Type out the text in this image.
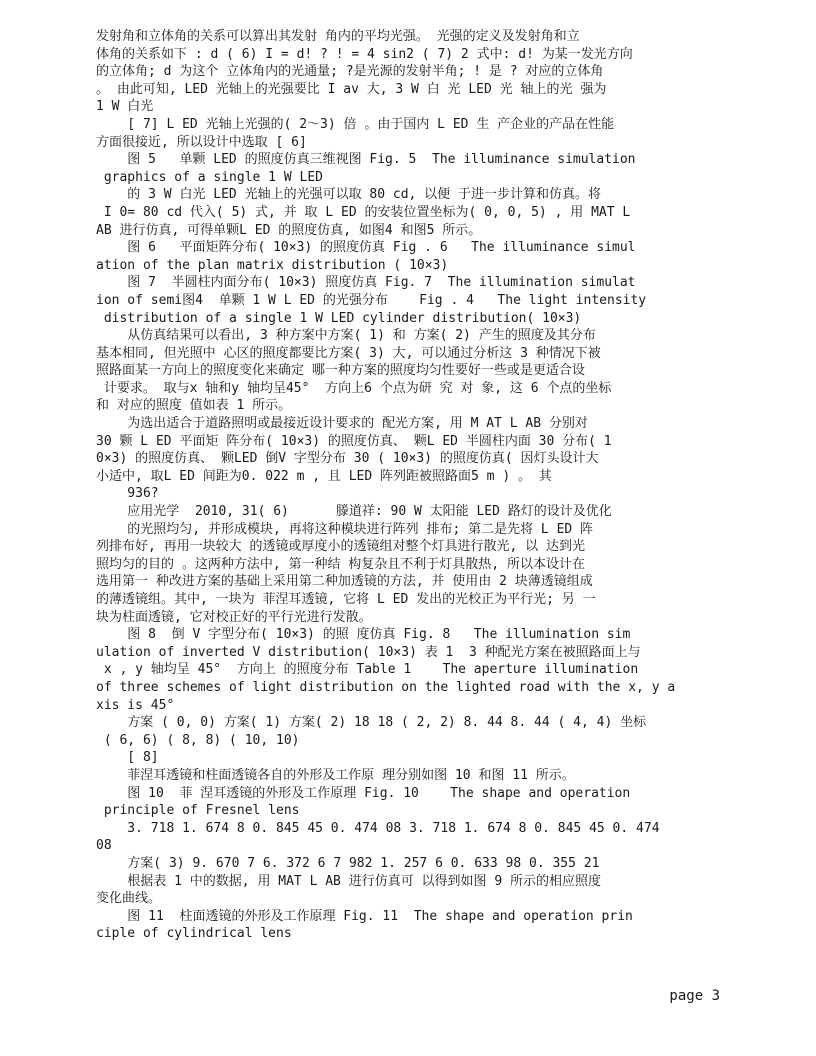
发射角和立体角的关系可以算出其发射 角内的平均光强。 光强的定义及发射角和立
体角的关系如下 : d ( 6) I = d! ? ! = 4 sin2 ( 7) 2 式中: d! 为某一发光方向
的立体角; d 为这个 立体角内的光通量; ?是光源的发射半角; ! 是 ? 对应的立体角
。 由此可知, LED 光轴上的光强要比 I av 大, 3 W 白 光 LED 光 轴上的光 强为
1 W 白光
[ 7] L ED 光轴上光强的( 2～3) 倍 。由于国内 L ED 生 产企业的产品在性能
方面很接近, 所以设计中选取 [ 6]
图 5   单颗 LED 的照度仿真三维视图 Fig. 5  The illuminance simulation
graphics of a single 1 W LED
的 3 W 白光 LED 光轴上的光强可以取 80 cd, 以便 于进一步计算和仿真。将
I 0= 80 cd 代入( 5) 式, 并 取 L ED 的安装位置坐标为( 0, 0, 5) , 用 MAT L
AB 进行仿真, 可得单颗L ED 的照度仿真, 如图4 和图5 所示。
图 6   平面矩阵分布( 10×3) 的照度仿真 Fig . 6   The illuminance simul
ation of the plan matrix distribution ( 10×3)
图 7  半圆柱内面分布( 10×3) 照度仿真 Fig. 7  The illumination simulat
ion of semi图4  单颗 1 W L ED 的光强分布    Fig . 4   The light intensity
distribution of a single 1 W LED cylinder distribution( 10×3)
从仿真结果可以看出, 3 种方案中方案( 1) 和 方案( 2) 产生的照度及其分布
基本相同, 但光照中 心区的照度都要比方案( 3) 大, 可以通过分析这 3 种情况下被
照路面某一方向上的照度变化来确定 哪一种方案的照度均匀性要好一些或是更适合设
计要求。 取与x 轴和y 轴均呈45°  方向上6 个点为研 究 对 象, 这 6 个点的坐标
和 对应的照度 值如表 1 所示。
为选出适合于道路照明或最接近设计要求的 配光方案, 用 M AT L AB 分别对
30 颗 L ED 平面矩 阵分布( 10×3) 的照度仿真、 颗L ED 半圆柱内面 30 分布( 1
0×3) 的照度仿真、 颗LED 倒V 字型分布 30 ( 10×3) 的照度仿真( 因灯头设计大
小适中, 取L ED 间距为0. 022 m , 且 LED 阵列距被照路面5 m ) 。 其
936?
应用光学  2010, 31( 6)      滕道祥: 90 W 太阳能 LED 路灯的设计及优化
的光照均匀, 并形成模块, 再将这种模块进行阵列 排布; 第二是先将 L ED 阵
列排布好, 再用一块较大 的透镜或厚度小的透镜组对整个灯具进行散光, 以 达到光
照均匀的目的 。这两种方法中, 第一种结 构复杂且不利于灯具散热, 所以本设计在
选用第一 种改进方案的基础上采用第二种加透镜的方法, 并 使用由 2 块薄透镜组成
的薄透镜组。其中, 一块为 菲涅耳透镜, 它将 L ED 发出的光校正为平行光; 另 一
块为柱面透镜, 它对校正好的平行光进行发散。
图 8  倒 V 字型分布( 10×3) 的照 度仿真 Fig. 8   The illumination sim
ulation of inverted V distribution( 10×3) 表 1  3 种配光方案在被照路面上与
x , y 轴均呈 45°  方向上 的照度分布 Table 1    The aperture illumination
of three schemes of light distribution on the lighted road with the x, y a
xis is 45°
方案 ( 0, 0) 方案( 1) 方案( 2) 18 18 ( 2, 2) 8. 44 8. 44 ( 4, 4) 坐标
( 6, 6) ( 8, 8) ( 10, 10)
[ 8]
菲涅耳透镜和柱面透镜各自的外形及工作原 理分别如图 10 和图 11 所示。
图 10  菲 涅耳透镜的外形及工作原理 Fig. 10    The shape and operation
principle of Fresnel lens
3. 718 1. 674 8 0. 845 45 0. 474 08 3. 718 1. 674 8 0. 845 45 0. 474
08
方案( 3) 9. 670 7 6. 372 6 7 982 1. 257 6 0. 633 98 0. 355 21
根据表 1 中的数据, 用 MAT L AB 进行仿真可 以得到如图 9 所示的相应照度
变化曲线。
图 11  柱面透镜的外形及工作原理 Fig. 11  The shape and operation prin
ciple of cylindrical lens
page 3
